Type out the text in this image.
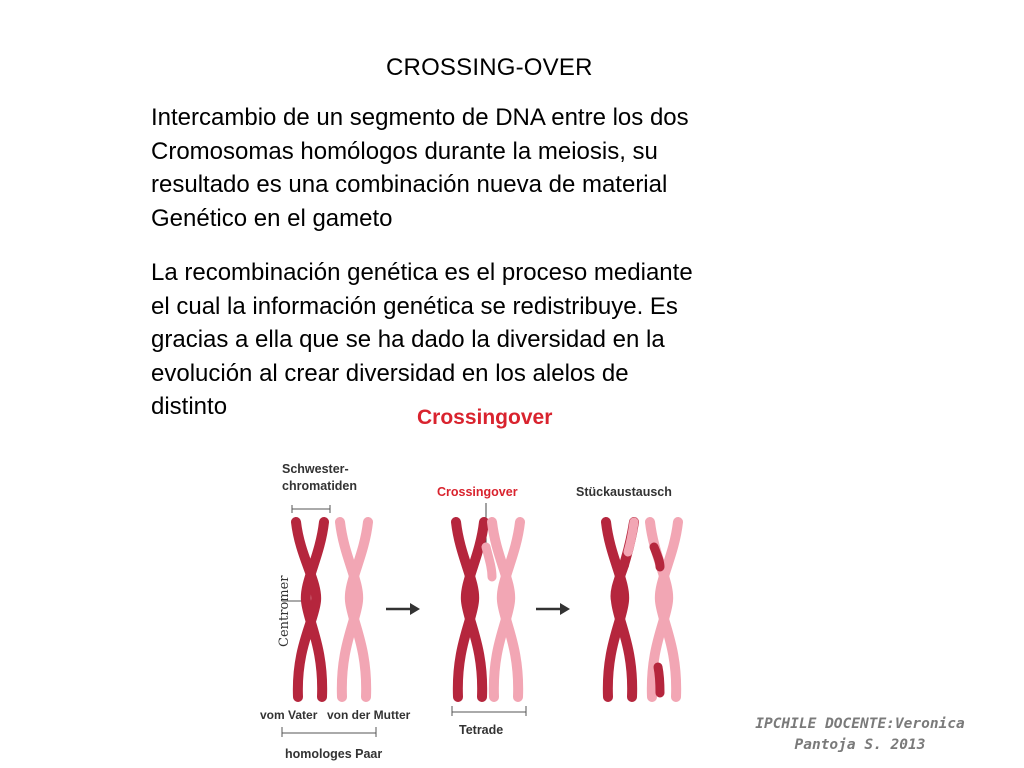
CROSSING-OVER
Intercambio de un segmento de DNA entre los dos
Cromosomas homólogos durante la meiosis, su
resultado es una combinación nueva de material
Genético en el gameto
La recombinación genética es el proceso mediante
el cual la información genética se redistribuye. Es
gracias a ella que se ha dado la diversidad en la
evolución al crear diversidad en los alelos de
distinto	Crossingover
Schwester-
chromatiden	Crossingover	Stückaustausch
Centromer
vom Vater von der Mutter
homologes Paar
Tetrade	IPCHILE DOCENTE:Veronica
Pantoja S. 2013
